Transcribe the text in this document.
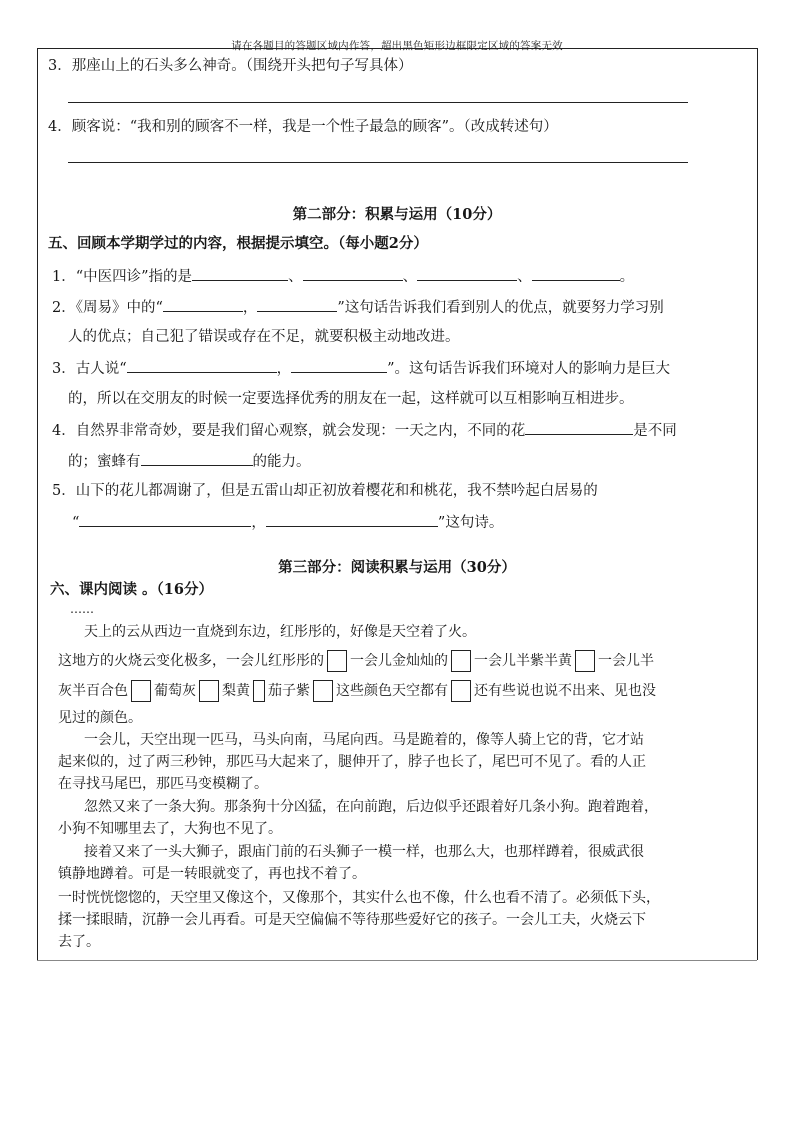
请在各题目的答题区域内作答，超出黑色矩形边框限定区域的答案无效
3．那座山上的石头多么神奇。（围绕开头把句子写具体）
4．顾客说：“我和别的顾客不一样，我是一个性子最急的顾客”。（改成转述句）
第二部分：积累与运用（10分）
五、回顾本学期学过的内容，根据提示填空。（每小题2分）
1．“中医四诊”指的是	、	、	、	。
2．《周易》中的“	，	”这句话告诉我们看到别人的优点，就要努力学习别
人的优点；自己犯了错误或存在不足，就要积极主动地改进。
3．古人说“	，	”。这句话告诉我们环境对人的影响力是巨大
的，所以在交朋友的时候一定要选择优秀的朋友在一起，这样就可以互相影响互相进步。
4．自然界非常奇妙，要是我们留心观察，就会发现：一天之内，不同的花	是不同
的；蜜蜂有	的能力。
5．山下的花儿都凋谢了，但是五雷山却正初放着樱花和和桃花，我不禁吟起白居易的
“	，	”这句诗。
第三部分：阅读积累与运用（30分）
六、课内阅读 。（16分）
……
天上的云从西边一直烧到东边，红彤彤的，好像是天空着了火。
这地方的火烧云变化极多，一会儿红彤彤的 一会儿金灿灿的 一会儿半紫半黄 一会儿半
灰半百合色 葡萄灰 梨黄 茄子紫 这些颜色天空都有 还有些说也说不出来、见也没
见过的颜色。
一会儿，天空出现一匹马，马头向南，马尾向西。马是跪着的，像等人骑上它的背，它才站
起来似的，过了两三秒钟，那匹马大起来了，腿伸开了，脖子也长了，尾巴可不见了。看的人正
在寻找马尾巴，那匹马变模糊了。
忽然又来了一条大狗。那条狗十分凶猛，在向前跑，后边似乎还跟着好几条小狗。跑着跑着，
小狗不知哪里去了，大狗也不见了。
接着又来了一头大狮子，跟庙门前的石头狮子一模一样，也那么大，也那样蹲着，很威武很
镇静地蹲着。可是一转眼就变了，再也找不着了。
一时恍恍惚惚的，天空里又像这个，又像那个，其实什么也不像，什么也看不清了。必须低下头，
揉一揉眼睛，沉静一会儿再看。可是天空偏偏不等待那些爱好它的孩子。一会儿工夫，火烧云下
去了。
